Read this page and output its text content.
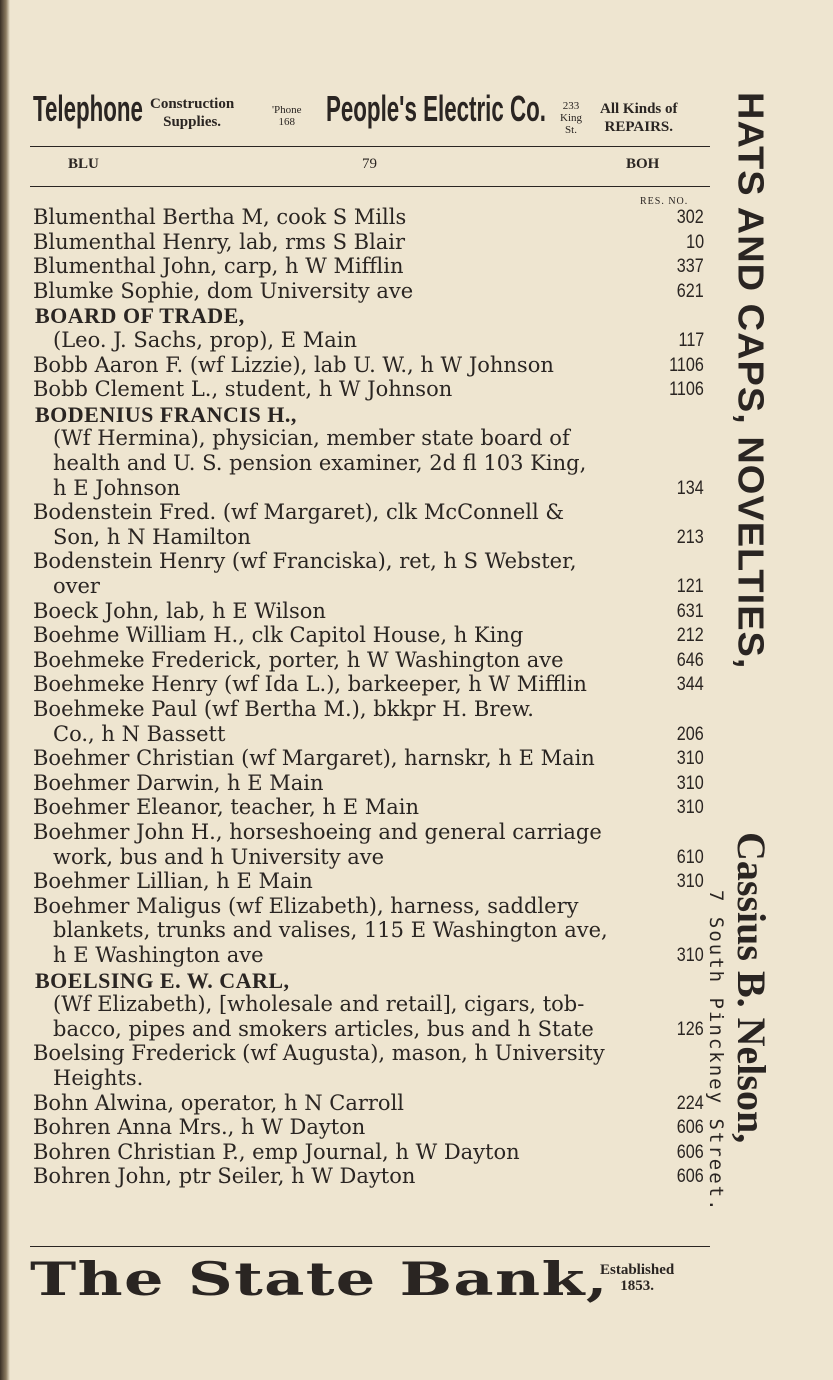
Telephone Construction
Supplies.
'Phone
168 People's Electric Co.	233
King
St.
All Kinds of
REPAIRS.
BLU	79	BOH
RES. NO.
Blumenthal Bertha M, cook S Mills	302
Blumenthal Henry, lab, rms S Blair	10
Blumenthal John, carp, h W Mifflin	337
Blumke Sophie, dom University ave	621
BOARD OF TRADE,
(Leo. J. Sachs, prop), E Main	117
Bobb Aaron F. (wf Lizzie), lab U. W., h W Johnson	1106
Bobb Clement L., student, h W Johnson	1106
BODENIUS FRANCIS H.,
(Wf Hermina), physician, member state board of
health and U. S. pension examiner, 2d fl 103 King,
h E Johnson	134
Bodenstein Fred. (wf Margaret), clk McConnell &
Son, h N Hamilton	213
Bodenstein Henry (wf Franciska), ret, h S Webster,
over	121
Boeck John, lab, h E Wilson	631
Boehme William H., clk Capitol House, h King	212
Boehmeke Frederick, porter, h W Washington ave	646
Boehmeke Henry (wf Ida L.), barkeeper, h W Mifflin	344
Boehmeke Paul (wf Bertha M.), bkkpr H. Brew.
Co., h N Bassett	206
Boehmer Christian (wf Margaret), harnskr, h E Main	310
Boehmer Darwin, h E Main	310
Boehmer Eleanor, teacher, h E Main	310
Boehmer John H., horseshoeing and general carriage
work, bus and h University ave	610
Boehmer Lillian, h E Main	310
Boehmer Maligus (wf Elizabeth), harness, saddlery
blankets, trunks and valises, 115 E Washington ave,
h E Washington ave	310
BOELSING E. W. CARL,
(Wf Elizabeth), [wholesale and retail], cigars, tob-
bacco, pipes and smokers articles, bus and h State	126
Boelsing Frederick (wf Augusta), mason, h University
Heights.
Bohn Alwina, operator, h N Carroll	224
Bohren Anna Mrs., h W Dayton	606
Bohren Christian P., emp Journal, h W Dayton	606
Bohren John, ptr Seiler, h W Dayton	606
HATS AND CAPS, NOVELTIES,
Cassius B. Nelson,
7 South Pinckney Street.
The State Bank,
Established
1853.
